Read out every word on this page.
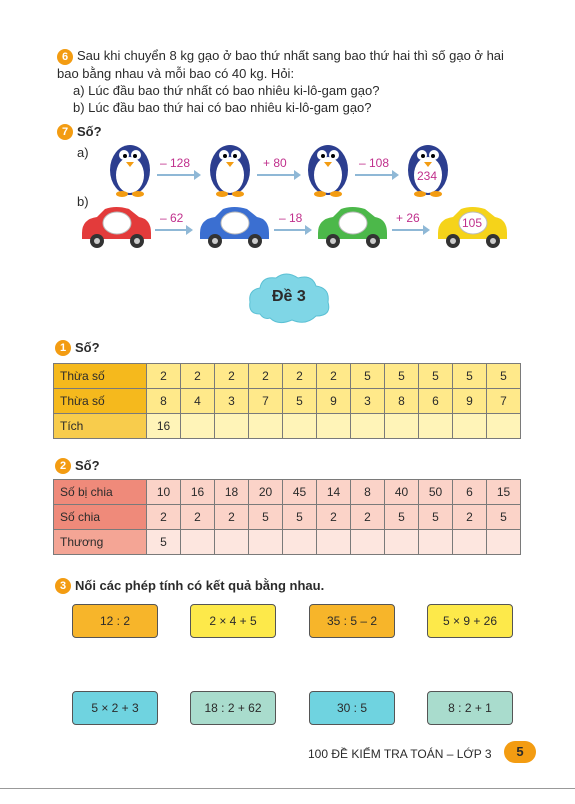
6 Sau khi chuyển 8 kg gạo ở bao thứ nhất sang bao thứ hai thì số gạo ở hai
bao bằng nhau và mỗi bao có 40 kg. Hỏi:
a) Lúc đầu bao thứ nhất có bao nhiêu ki-lô-gam gạo?
b) Lúc đầu bao thứ hai có bao nhiêu ki-lô-gam gạo?
7 Số?
a)
b)
234
– 128	+ 80	– 108
105
– 62	– 18	+ 26
Đề 3
1 Số?
Thừa số	2	2	2	2	2	2	5	5	5	5	5
Thừa số	8	4	3	7	5	9	3	8	6	9	7
Tích	16										
2 Số?
Số bị chia	10	16	18	20	45	14	8	40	50	6	15
Số chia	2	2	2	5	5	2	2	5	5	2	5
Thương	5										
3 Nối các phép tính có kết quả bằng nhau.
12 : 2	2 × 4 + 5	35 : 5 – 2	5 × 9 + 26
5 × 2 + 3	18 : 2 + 62	30 : 5	8 : 2 + 1
100 ĐỀ KIỂM TRA TOÁN – LỚP 3	5
